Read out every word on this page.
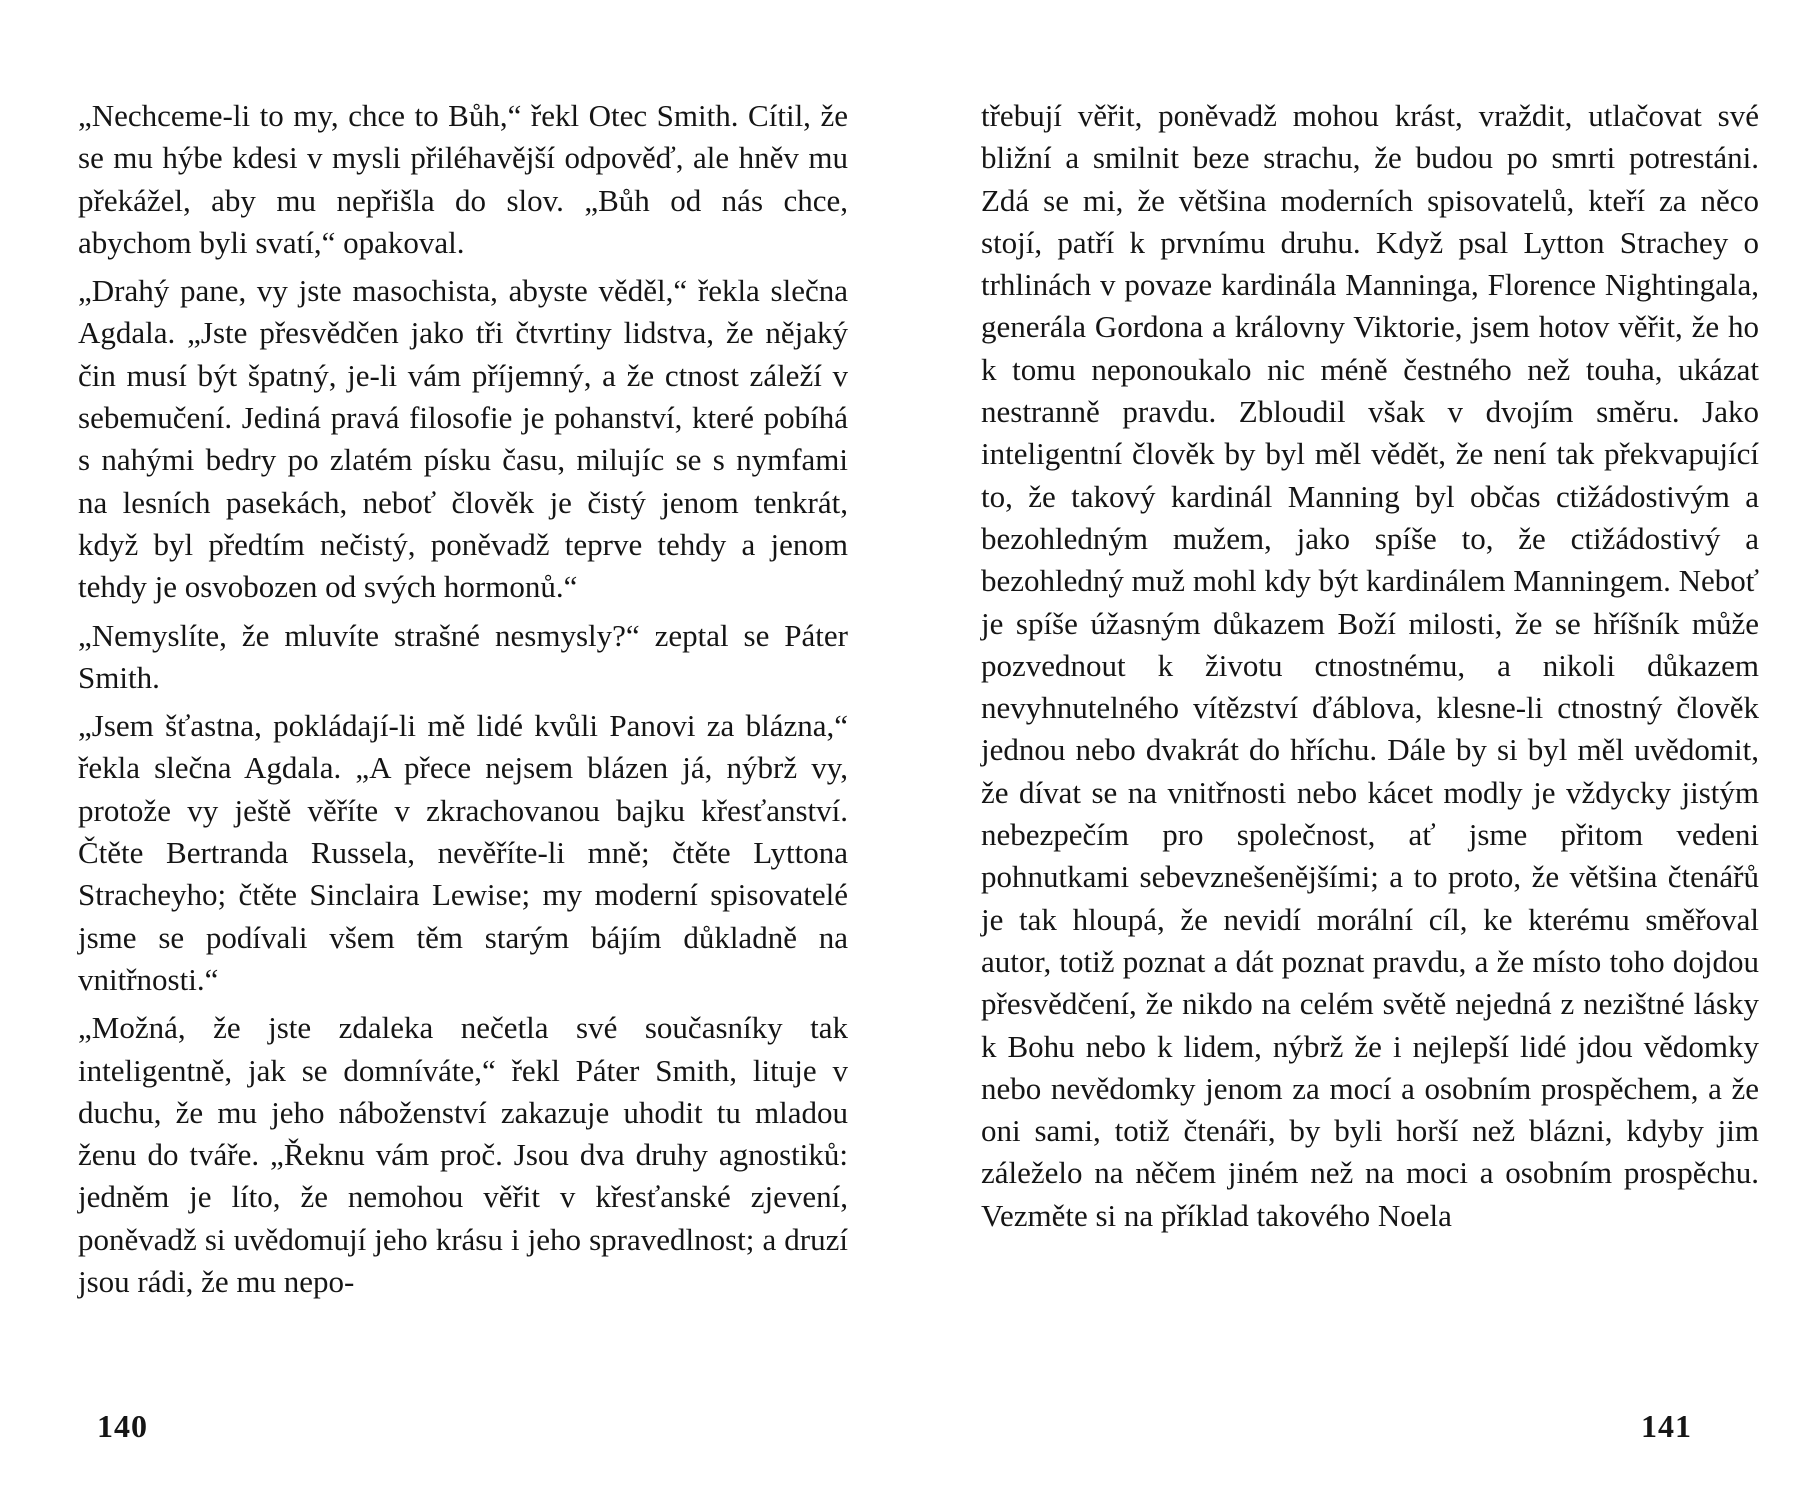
„Nechceme-li to my, chce to Bůh,“ řekl Otec Smith. Cítil, že se mu hýbe kdesi v mysli přiléhavější odpověď, ale hněv mu překážel, aby mu nepřišla do slov. „Bůh od nás chce, abychom byli svatí,“ opakoval.

„Drahý pane, vy jste masochista, abyste věděl,“ řekla slečna Agdala. „Jste přesvědčen jako tři čtvrtiny lidstva, že nějaký čin musí být špatný, je-li vám příjemný, a že ctnost záleží v sebemučení. Jediná pravá filosofie je pohanství, které pobíhá s nahými bedry po zlatém písku času, milujíc se s nymfami na lesních pasekách, neboť člověk je čistý jenom tenkrát, když byl předtím nečistý, poněvadž teprve tehdy a jenom tehdy je osvobozen od svých hormonů.“

„Nemyslíte, že mluvíte strašné nesmysly?“ zeptal se Páter Smith.

„Jsem šťastna, pokládají-li mě lidé kvůli Panovi za blázna,“ řekla slečna Agdala. „A přece nejsem blázen já, nýbrž vy, protože vy ještě věříte v zkrachovanou bajku křesťanství. Čtěte Bertranda Russela, nevěříte-li mně; čtěte Lyttona Stracheyho; čtěte Sinclaira Lewise; my moderní spisovatelé jsme se podívali všem těm starým bájím důkladně na vnitřnosti.“

„Možná, že jste zdaleka nečetla své současníky tak inteligentně, jak se domníváte,“ řekl Páter Smith, litujе v duchu, že mu jeho náboženství zakazuje uhodit tu mladou ženu do tváře. „Řeknu vám proč. Jsou dva druhy agnostiků: jedněm je líto, že nemohou věřit v křesťanské zjevení, poněvadž si uvědomují jeho krásu i jeho spravedlnost; a druzí jsou rádi, že mu nepo-

140

třebují věřit, poněvadž mohou krást, vraždit, utlačovat své bližní a smilnit beze strachu, že budou po smrti potrestáni. Zdá se mi, že většina moderních spisovatelů, kteří za něco stojí, patří k prvnímu druhu. Když psal Lytton Strachey o trhlinách v povaze kardinála Manninga, Florence Nightingala, generála Gordona a královny Viktorie, jsem hotov věřit, že ho k tomu neponoukalo nic méně čestného než touha, ukázat nestranně pravdu. Zbloudil však v dvojím směru. Jako inteligentní člověk by byl měl vědět, že není tak překvapující to, že takový kardinál Manning byl občas ctižádostivým a bezohledným mužem, jako spíše to, že ctižádostivý a bezohledný muž mohl kdy být kardinálem Manningem. Neboť je spíše úžasným důkazem Boží milosti, že se hříšník může pozvednout k životu ctnostnému, a nikoli důkazem nevyhnutelného vítězství ďáblova, klesne-li ctnostný člověk jednou nebo dvakrát do hříchu. Dále by si byl měl uvědomit, že dívat se na vnitřnosti nebo kácet modly je vždycky jistým nebezpečím pro společnost, ať jsme přitom vedeni pohnutkami sebevznešenějšími; a to proto, že většina čtenářů je tak hloupá, že nevidí morální cíl, ke kterému směřoval autor, totiž poznat a dát poznat pravdu, a že místo toho dojdou přesvědčení, že nikdo na celém světě nejedná z nezištné lásky k Bohu nebo k lidem, nýbrž že i nejlepší lidé jdou vědomky nebo nevědomky jenom za mocí a osobním prospěchem, a že oni sami, totiž čtenáři, by byli horší než blázni, kdyby jim záleželo na něčem jiném než na moci a osobním prospěchu. Vezměte si na příklad takového Noela

141
